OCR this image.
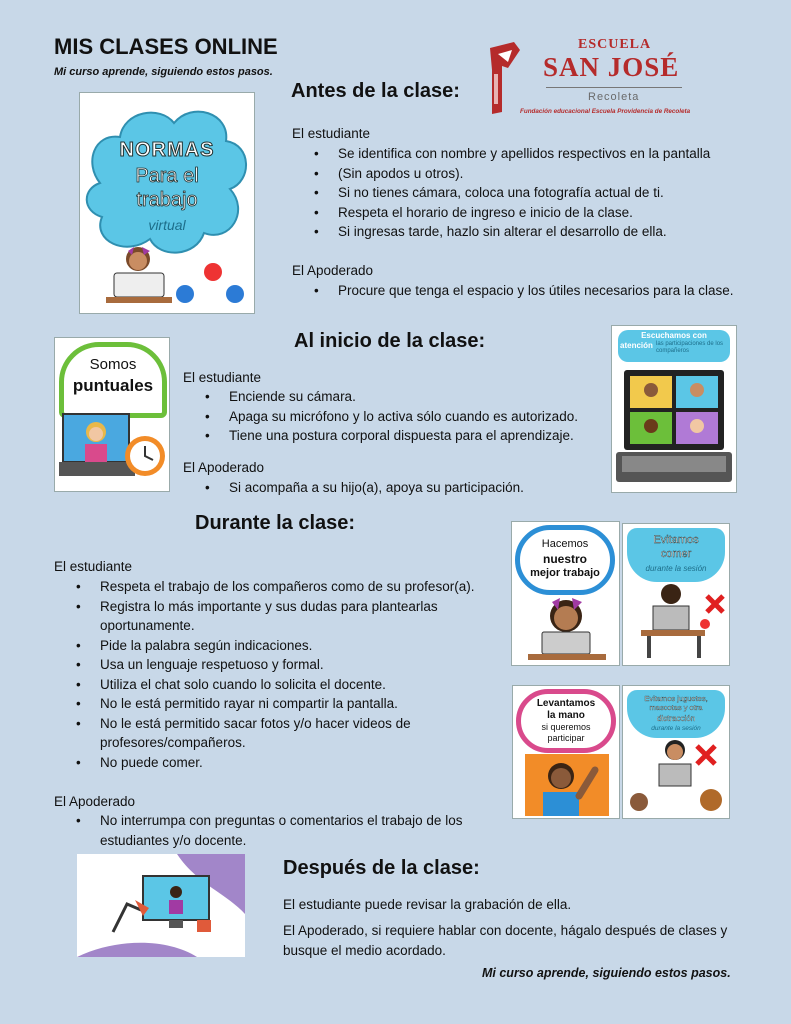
MIS CLASES ONLINE
Mi curso aprende, siguiendo estos pasos.
ESCUELA
SAN JOSÉ
Recoleta
Fundación educacional Escuela Providencia de Recoleta
Antes de la clase:
El estudiante
• Se identifica con nombre y apellidos respectivos en la pantalla
• (Sin apodos u otros).
• Si no tienes cámara, coloca una fotografía actual de ti.
• Respeta el horario de ingreso e inicio de la clase.
• Si ingresas tarde, hazlo sin alterar el desarrollo de ella.
El Apoderado
• Procure que tenga el espacio y los útiles necesarios para la clase.
NORMAS
Para el
trabajo
virtual
Al inicio de la clase:
El estudiante
• Enciende su cámara.
• Apaga su micrófono y lo activa sólo cuando es autorizado.
• Tiene una postura corporal dispuesta para el aprendizaje.
El Apoderado
• Si acompaña a su hijo(a), apoya su participación.
Somos
puntuales
Escuchamos con
atención las participaciones de los compañeros
Durante la clase:
El estudiante
• Respeta el trabajo de los compañeros como de su profesor(a).
• Registra lo más importante y sus dudas para plantearlas oportunamente.
• Pide la palabra según indicaciones.
• Usa un lenguaje respetuoso y formal.
• Utiliza el chat solo cuando lo solicita el docente.
• No le está permitido rayar ni compartir la pantalla.
• No le está permitido sacar fotos y/o hacer videos de profesores/compañeros.
• No puede comer.
El Apoderado
• No interrumpa con preguntas o comentarios el trabajo de los estudiantes y/o docente.
Hacemos
nuestro
mejor trabajo
Evitamos
comer
durante la sesión
Levantamos
la mano
si queremos
participar
Evitamos juguetes, mascotas y otra
distracción
durante la sesión
Después de la clase:
El estudiante puede revisar la grabación de ella.
El Apoderado, si requiere hablar con docente, hágalo después de clases y busque el medio acordado.
Mi curso aprende, siguiendo estos pasos.
